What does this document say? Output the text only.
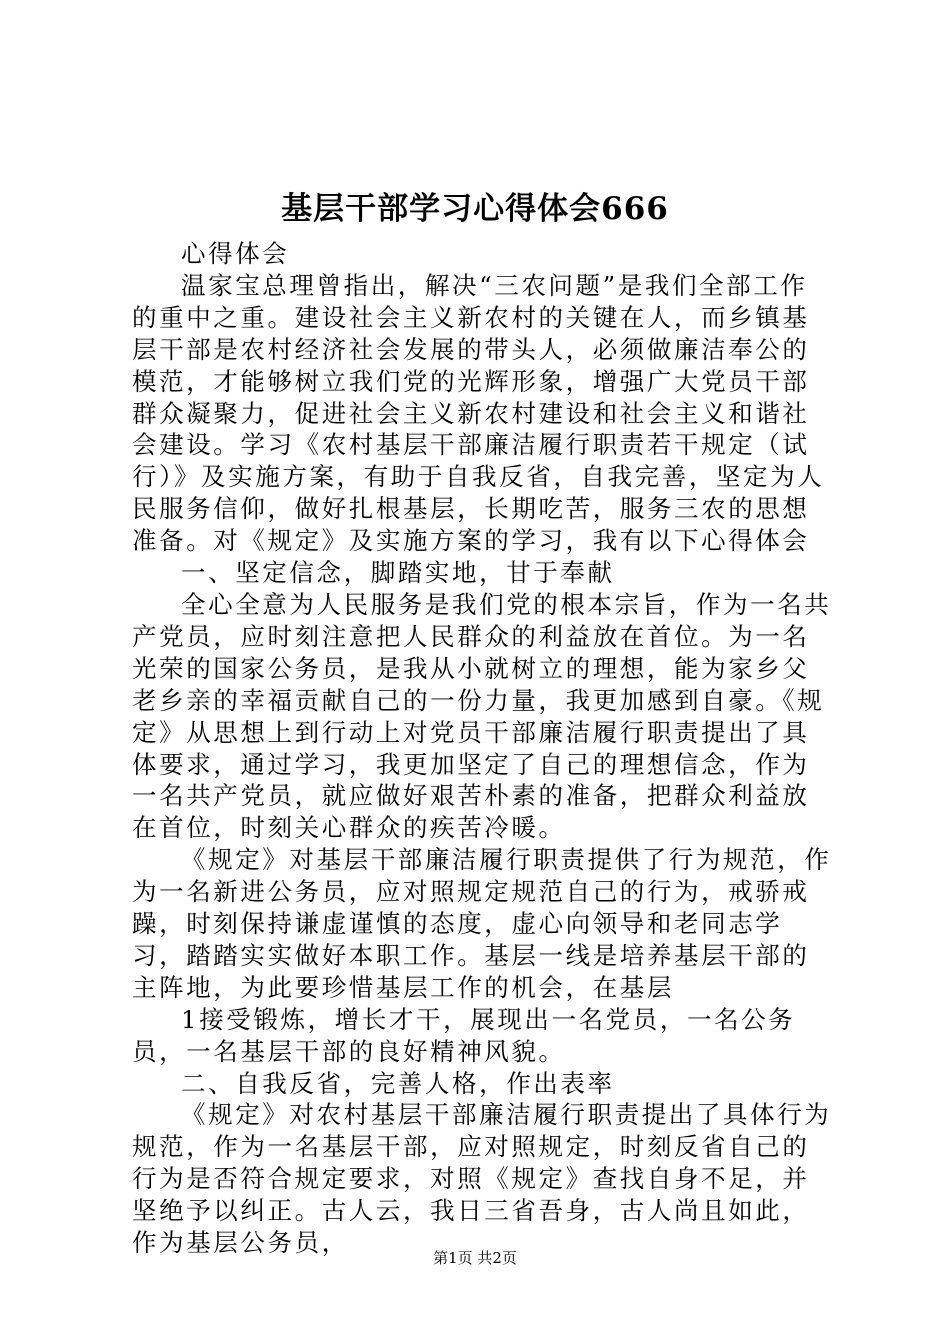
基层干部学习心得体会666

心得体会

温家宝总理曾指出，解决“三农问题”是我们全部工作的重中之重。建设社会主义新农村的关键在人，而乡镇基层干部是农村经济社会发展的带头人，必须做廉洁奉公的模范，才能够树立我们党的光辉形象，增强广大党员干部群众凝聚力，促进社会主义新农村建设和社会主义和谐社会建设。学习《农村基层干部廉洁履行职责若干规定（试行）》及实施方案，有助于自我反省，自我完善，坚定为人民服务信仰，做好扎根基层，长期吃苦，服务三农的思想准备。对《规定》及实施方案的学习，我有以下心得体会

一、坚定信念，脚踏实地，甘于奉献

全心全意为人民服务是我们党的根本宗旨，作为一名共产党员，应时刻注意把人民群众的利益放在首位。为一名光荣的国家公务员，是我从小就树立的理想，能为家乡父老乡亲的幸福贡献自己的一份力量，我更加感到自豪。《规定》从思想上到行动上对党员干部廉洁履行职责提出了具体要求，通过学习，我更加坚定了自己的理想信念，作为一名共产党员，就应做好艰苦朴素的准备，把群众利益放在首位，时刻关心群众的疾苦冷暖。

《规定》对基层干部廉洁履行职责提供了行为规范，作为一名新进公务员，应对照规定规范自己的行为，戒骄戒躁，时刻保持谦虚谨慎的态度，虚心向领导和老同志学习，踏踏实实做好本职工作。基层一线是培养基层干部的主阵地，为此要珍惜基层工作的机会，在基层

1接受锻炼，增长才干，展现出一名党员，一名公务员，一名基层干部的良好精神风貌。

二、自我反省，完善人格，作出表率

《规定》对农村基层干部廉洁履行职责提出了具体行为规范，作为一名基层干部，应对照规定，时刻反省自己的行为是否符合规定要求，对照《规定》查找自身不足，并坚绝予以纠正。古人云，我日三省吾身，古人尚且如此，作为基层公务员，

第1页 共2页
